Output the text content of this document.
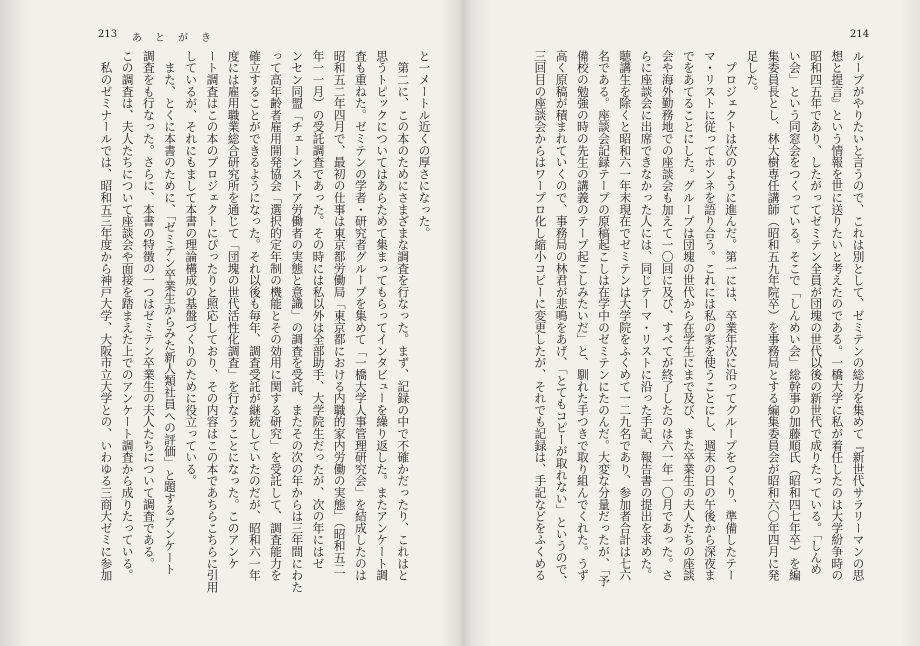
213 あとがき	214
と一メートル近くの厚さになった。
　第二に、この本のためにさまざまな調査を行なった。まず、記録の中で不確かだったり、これはと
思うトピックについてはあらためて集まってもらってインタビューを繰り返した。またアンケート調
査も重ねた。ゼミテンの学者・研究者グループを集めて「一橋大学人事管理研究会」を結成したのは
昭和五二年四月で、最初の仕事は東京都労働局「東京都における内職的家内労働の実態」（昭和五二
年一一月）の受託調査であった。その時には私以外は全部助手、大学院生だったが、次の年にはゼ
ンセン同盟「チェーンストア労働者の実態と意識」の調査を受託、またその次の年からは三年間にわた
って高年齢者雇用開発協会「選択的定年制の機能とその効用に関する研究」を受託して、調査能力を
確立することができるようになった。それ以後も毎年、調査受託が継続していたのだが、昭和六一年
度には雇用職業総合研究所を通じて「団塊の世代活性化調査」を行なうことになった。このアンケ
ート調査はこの本のプロジェクトにぴったりと照応しており、その内容はこの本であちらこちらに引用
しているが、それにもまして本書の理論構成の基盤づくりのために役立っている。
　また、とくに本書のために、「ゼミテン卒業生からみた新人類社員への評価」と題するアンケート
調査をも行なった。さらに、本書の特徴の一つはゼミテン卒業生の夫人たちについて調査である。
この調査は、夫人たちについて座談会や面接を踏まえた上でのアンケート調査から成りたっている。
　私のゼミナールでは、昭和五三年度から神戸大学、大阪市立大学との、いわゆる三商大ゼミに参加	ループがやりたいと言うので、これは別として、ゼミテンの総力を集めて『新世代サラリーマンの思
想と提言』という情報を世に送りたいと考えたのである。一橋大学に私が着任したのは大学紛争時の
昭和四五年であり、したがってゼミテン全員が団塊の世代以後の新世代で成りたっている。「しんめ
い会」という同窓会をつくっている。そこで「しんめい会」総幹事の加藤順氏（昭和四七年卒）を編
集委員長とし、林大樹専任講師（昭和五九年院卒）を事務局とする編集委員会が昭和六〇年四月に発
足した。
　プロジェクトは次のように進んだ。第一には、卒業年次に沿ってグループをつくり、準備したテー
マ・リストに従ってホンネを語り合う。これには私の家を使うことにし、週末の日の午後から深夜ま
でをあてることにした。グループは団塊の世代から在学生にまで及び、また卒業生の夫人たちの座談
会や海外勤務地での座談会も加えて一〇回に及び、すべてが終了したのは六一年一〇月であった。さ
らに座談会に出席できなかった人には、同じテーマ・リストに沿った手記、報告書の提出を求めた。
聴講生を除くと昭和六一年末現在でゼミテンは大学院をふくめて一二九名であり、参加者合計は七六
名である。座談会記録テープの原稿起こしは在学中のゼミテンにたのんだ。大変な分量だったが、「予
備校の勉強の時の先生の講義のテープ起こしみたいだ」と、馴れた手つきで取り組んでくれた。うず
高く原稿が積まれていくので、事務局の林君が悲鳴をあげ、「とてもコピーが取れない」というので、
三回目の座談会からはワープロ化し縮小コピーに変更したが、それでも記録は、手記などをふくめる
